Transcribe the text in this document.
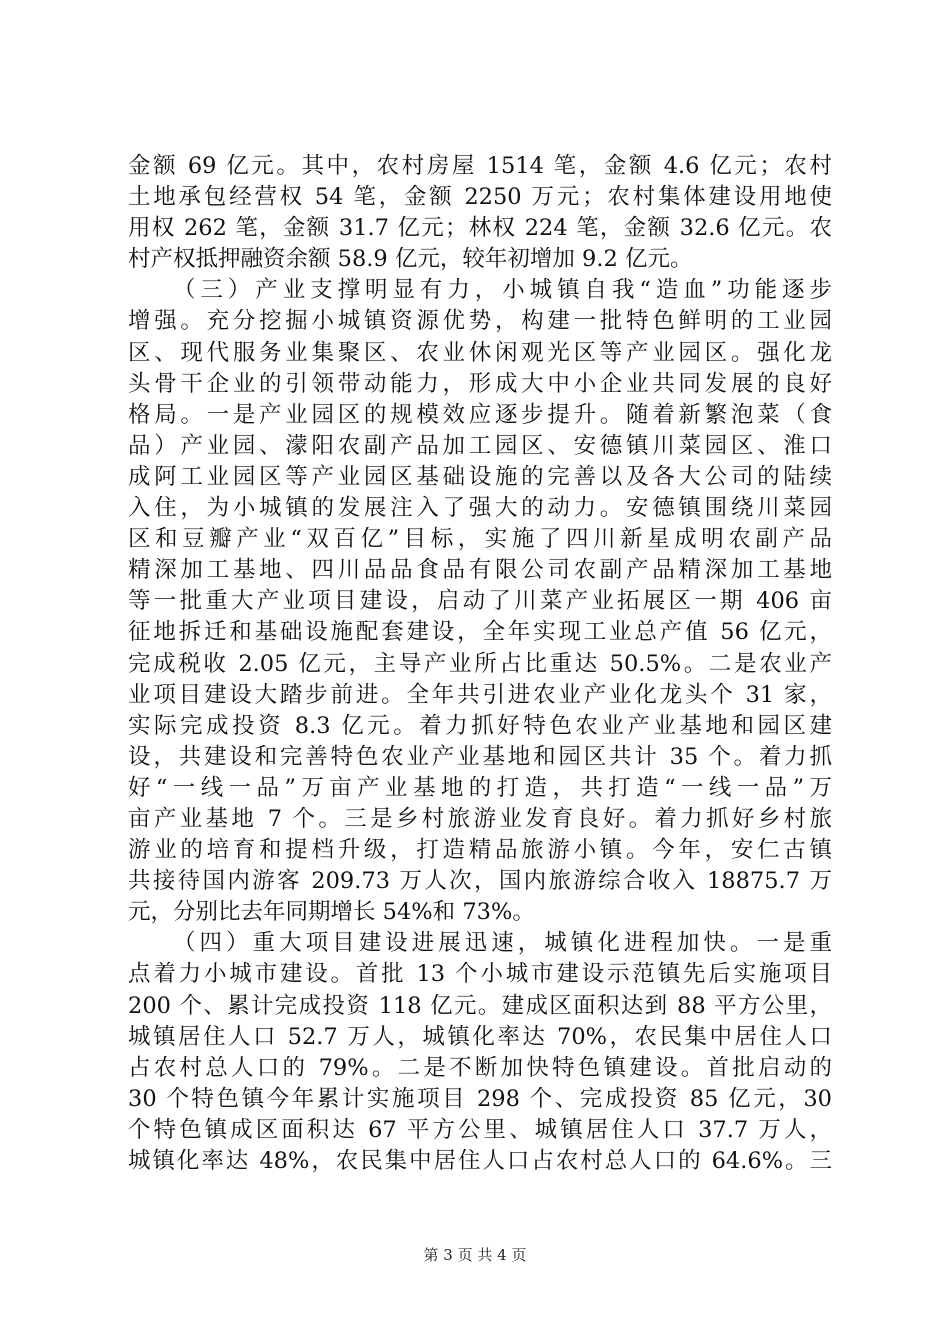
金额 69 亿元。其中，农村房屋 1514 笔，金额 4.6 亿元；农村
土地承包经营权 54 笔，金额 2250 万元；农村集体建设用地使
用权 262 笔，金额 31.7 亿元；林权 224 笔，金额 32.6 亿元。农
村产权抵押融资余额 58.9 亿元，较年初增加 9.2 亿元。
（三）产业支撑明显有力，小城镇自我“造血”功能逐步
增强。充分挖掘小城镇资源优势，构建一批特色鲜明的工业园
区、现代服务业集聚区、农业休闲观光区等产业园区。强化龙
头骨干企业的引领带动能力，形成大中小企业共同发展的良好
格局。一是产业园区的规模效应逐步提升。随着新繁泡菜（食
品）产业园、濛阳农副产品加工园区、安德镇川菜园区、淮口
成阿工业园区等产业园区基础设施的完善以及各大公司的陆续
入住，为小城镇的发展注入了强大的动力。安德镇围绕川菜园
区和豆瓣产业“双百亿”目标，实施了四川新星成明农副产品
精深加工基地、四川品品食品有限公司农副产品精深加工基地
等一批重大产业项目建设，启动了川菜产业拓展区一期 406 亩
征地拆迁和基础设施配套建设，全年实现工业总产值 56 亿元，
完成税收 2.05 亿元，主导产业所占比重达 50.5%。二是农业产
业项目建设大踏步前进。全年共引进农业产业化龙头个 31 家，
实际完成投资 8.3 亿元。着力抓好特色农业产业基地和园区建
设，共建设和完善特色农业产业基地和园区共计 35 个。着力抓
好“一线一品”万亩产业基地的打造，共打造“一线一品”万
亩产业基地 7 个。三是乡村旅游业发育良好。着力抓好乡村旅
游业的培育和提档升级，打造精品旅游小镇。今年，安仁古镇
共接待国内游客 209.73 万人次，国内旅游综合收入 18875.7 万
元，分别比去年同期增长 54%和 73%。
（四）重大项目建设进展迅速，城镇化进程加快。一是重
点着力小城市建设。首批 13 个小城市建设示范镇先后实施项目
200 个、累计完成投资 118 亿元。建成区面积达到 88 平方公里，
城镇居住人口 52.7 万人，城镇化率达 70%，农民集中居住人口
占农村总人口的 79%。二是不断加快特色镇建设。首批启动的
30 个特色镇今年累计实施项目 298 个、完成投资 85 亿元，30
个特色镇成区面积达 67 平方公里、城镇居住人口 37.7 万人，
城镇化率达 48%，农民集中居住人口占农村总人口的 64.6%。三
第 3 页 共 4 页
